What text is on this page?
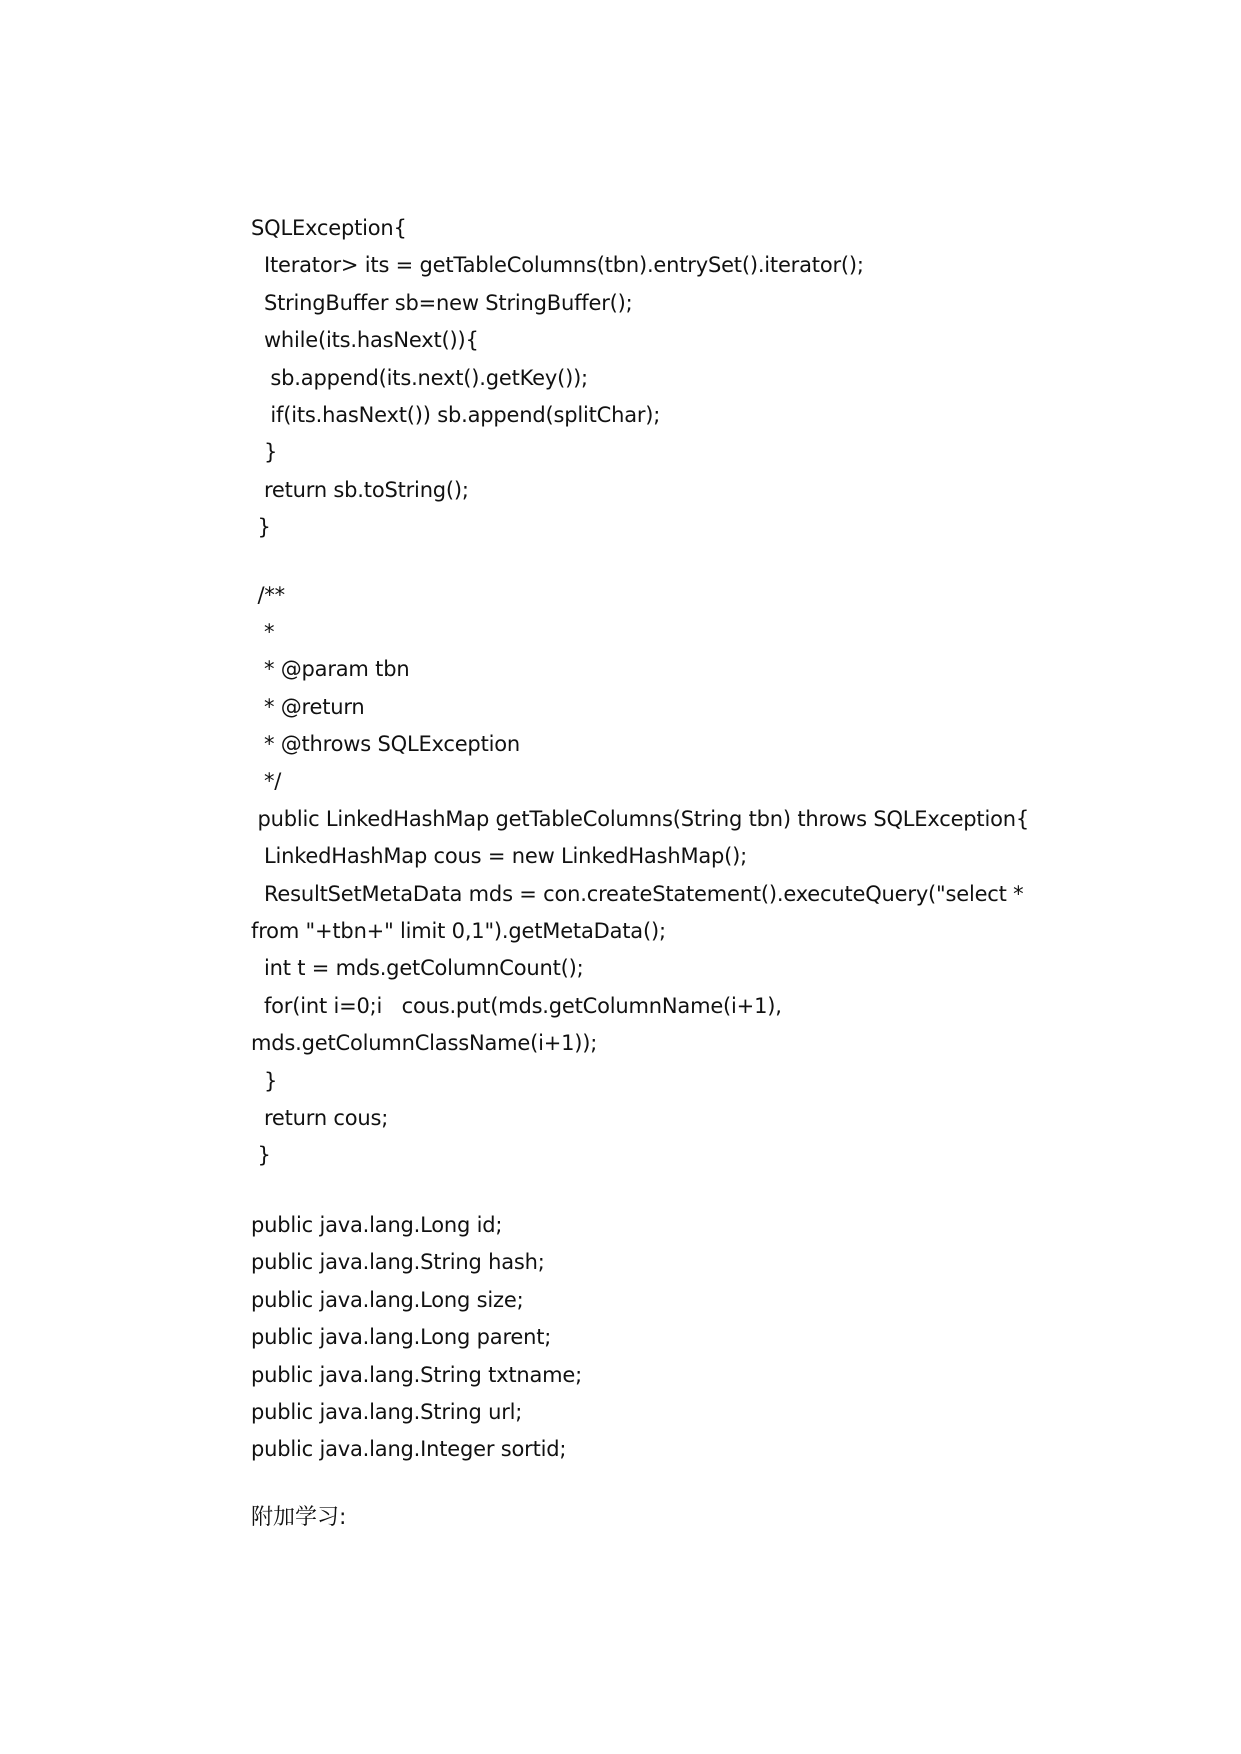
SQLException{
Iterator> its = getTableColumns(tbn).entrySet().iterator();
StringBuffer sb=new StringBuffer();
while(its.hasNext()){
sb.append(its.next().getKey());
if(its.hasNext()) sb.append(splitChar);
}
return sb.toString();
}
/**
*
* @param tbn
* @return
* @throws SQLException
*/
public LinkedHashMap getTableColumns(String tbn) throws SQLException{
LinkedHashMap cous = new LinkedHashMap();
ResultSetMetaData mds = con.createStatement().executeQuery("select *
from "+tbn+" limit 0,1").getMetaData();
int t = mds.getColumnCount();
for(int i=0;i   cous.put(mds.getColumnName(i+1),
mds.getColumnClassName(i+1));
}
return cous;
}
public java.lang.Long id;
public java.lang.String hash;
public java.lang.Long size;
public java.lang.Long parent;
public java.lang.String txtname;
public java.lang.String url;
public java.lang.Integer sortid;
附加学习:
